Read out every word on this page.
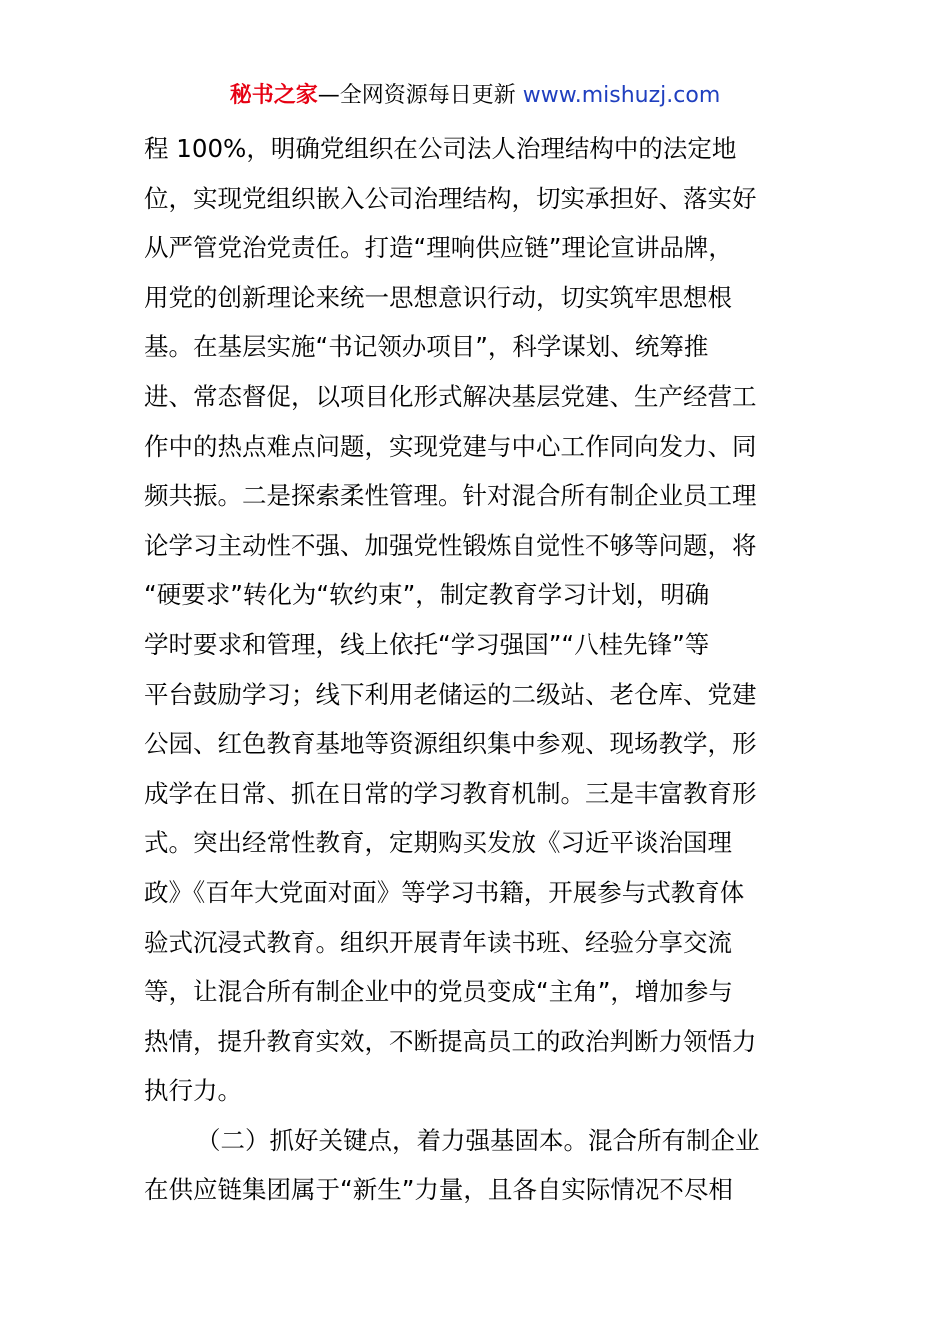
秘书之家—全网资源每日更新 www.mishuzj.com
程 100%，明确党组织在公司法人治理结构中的法定地
位，实现党组织嵌入公司治理结构，切实承担好、落实好
从严管党治党责任。打造“理响供应链”理论宣讲品牌，
用党的创新理论来统一思想意识行动，切实筑牢思想根
基。在基层实施“书记领办项目”，科学谋划、统筹推
进、常态督促，以项目化形式解决基层党建、生产经营工
作中的热点难点问题，实现党建与中心工作同向发力、同
频共振。二是探索柔性管理。针对混合所有制企业员工理
论学习主动性不强、加强党性锻炼自觉性不够等问题，将
“硬要求”转化为“软约束”，制定教育学习计划，明确
学时要求和管理，线上依托“学习强国”“八桂先锋”等
平台鼓励学习；线下利用老储运的二级站、老仓库、党建
公园、红色教育基地等资源组织集中参观、现场教学，形
成学在日常、抓在日常的学习教育机制。三是丰富教育形
式。突出经常性教育，定期购买发放《习近平谈治国理
政》《百年大党面对面》等学习书籍，开展参与式教育体
验式沉浸式教育。组织开展青年读书班、经验分享交流
等，让混合所有制企业中的党员变成“主角”，增加参与
热情，提升教育实效，不断提高员工的政治判断力领悟力
执行力。
（二）抓好关键点，着力强基固本。混合所有制企业
在供应链集团属于“新生”力量，且各自实际情况不尽相
